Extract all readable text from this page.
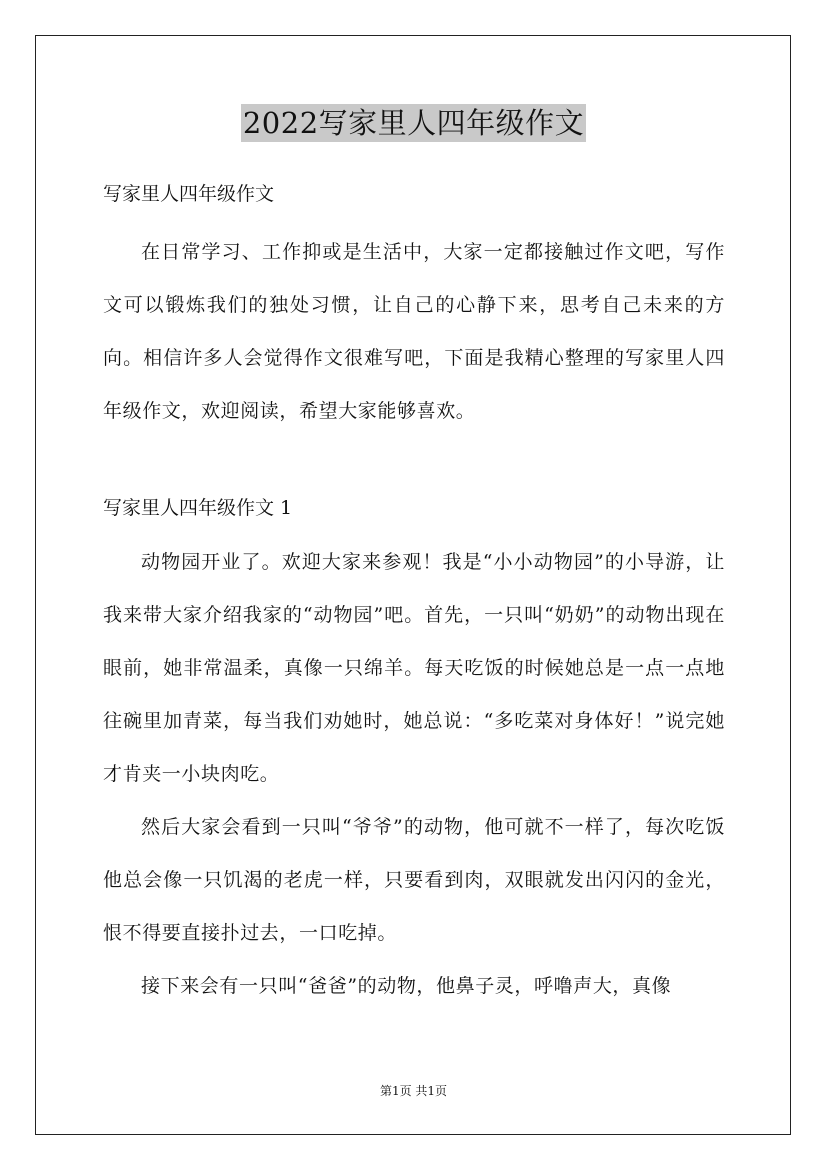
2022写家里人四年级作文

写家里人四年级作文

在日常学习、工作抑或是生活中，大家一定都接触过作文吧，写作文可以锻炼我们的独处习惯，让自己的心静下来，思考自己未来的方向。相信许多人会觉得作文很难写吧，下面是我精心整理的写家里人四年级作文，欢迎阅读，希望大家能够喜欢。

写家里人四年级作文 1

动物园开业了。欢迎大家来参观！我是“小小动物园”的小导游，让我来带大家介绍我家的“动物园”吧。首先，一只叫“奶奶”的动物出现在眼前，她非常温柔，真像一只绵羊。每天吃饭的时候她总是一点一点地往碗里加青菜，每当我们劝她时，她总说：“多吃菜对身体好！”说完她才肯夹一小块肉吃。

然后大家会看到一只叫“爷爷”的动物，他可就不一样了，每次吃饭他总会像一只饥渴的老虎一样，只要看到肉，双眼就发出闪闪的金光，恨不得要直接扑过去，一口吃掉。

接下来会有一只叫“爸爸”的动物，他鼻子灵，呼噜声大，真像

第1页 共1页
